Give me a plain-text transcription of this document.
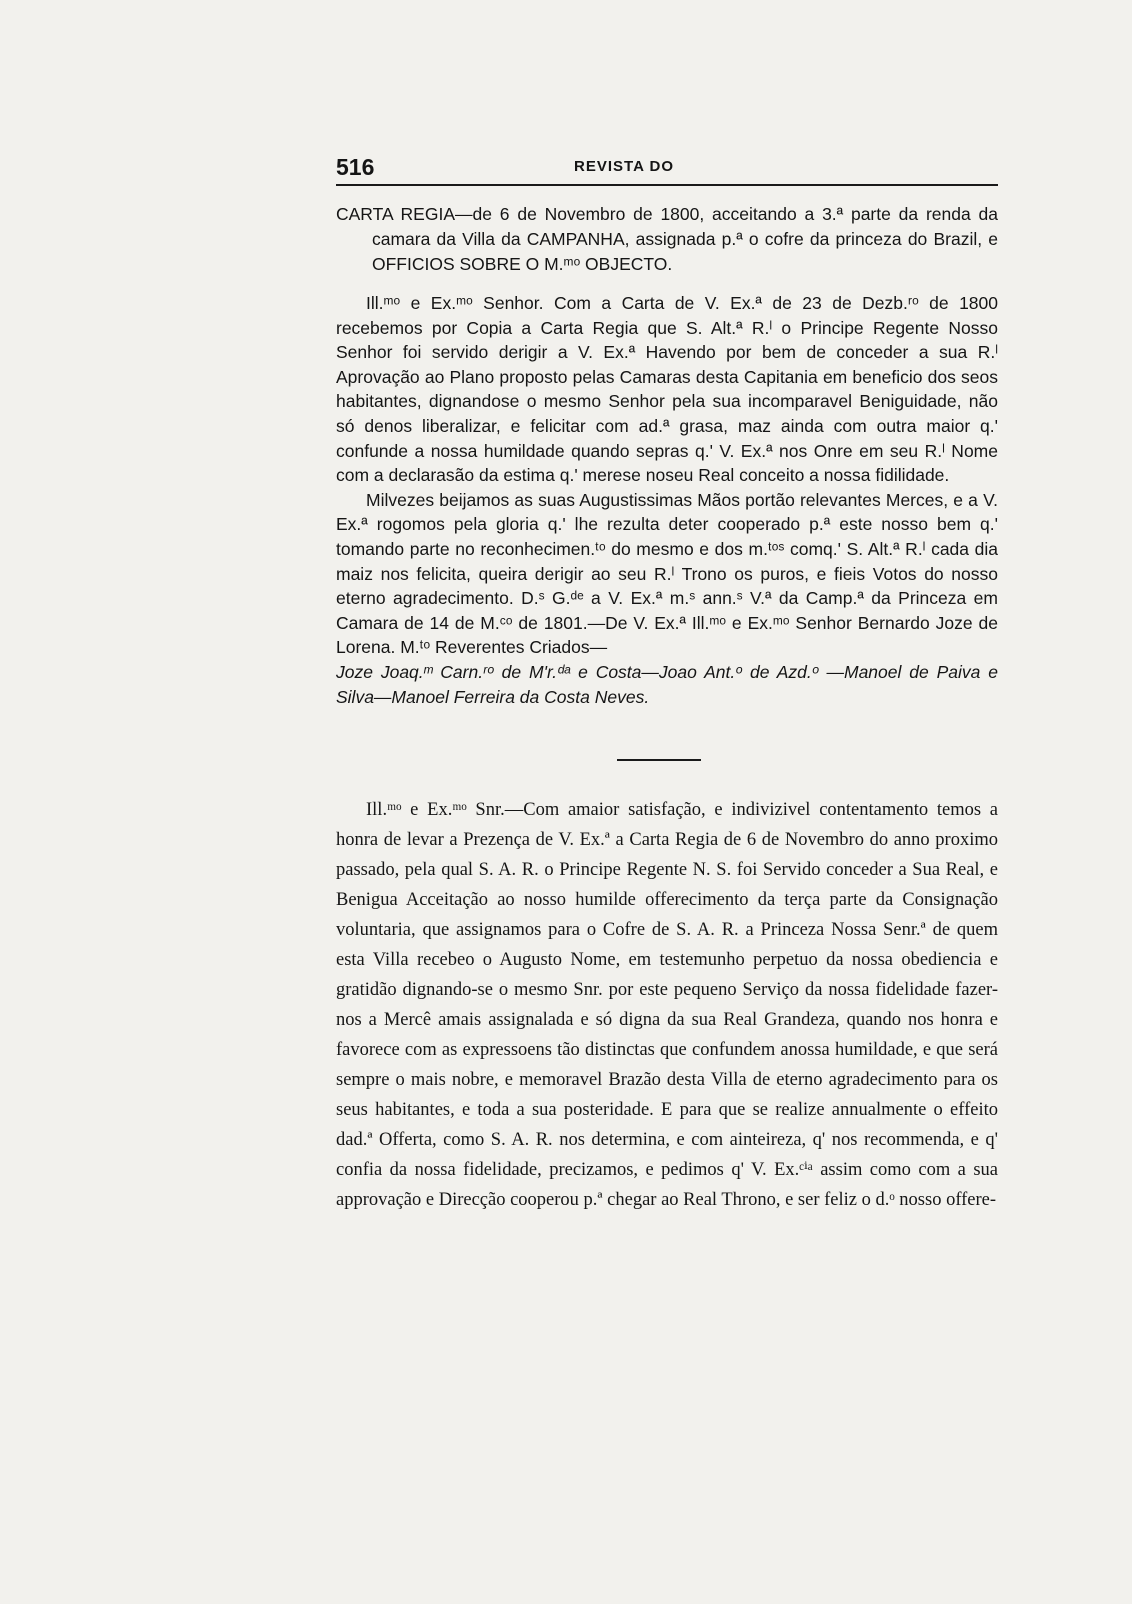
516	REVISTA DO
CARTA REGIA—de 6 de Novembro de 1800, acceitando a 3.ª parte da renda da camara da Villa da CAMPANHA, assignada p.ª o cofre da princeza do Brazil, e OFFICIOS SOBRE O M.ᵐᵒ OBJECTO.

Ill.ᵐᵒ e Ex.ᵐᵒ Senhor. Com a Carta de V. Ex.ª de 23 de Dezb.ʳᵒ de 1800 recebemos por Copia a Carta Regia que S. Alt.ª R.ˡ o Principe Regente Nosso Senhor foi servido derigir a V. Ex.ª Havendo por bem de conceder a sua R.ˡ Aprovação ao Plano proposto pelas Camaras desta Capitania em beneficio dos seos habitantes, dignandose o mesmo Senhor pela sua incomparavel Beniguidade, não só denos liberalizar, e felicitar com ad.ª grasa, maz ainda com outra maior q.' confunde a nossa humildade quando sepras q.' V. Ex.ª nos Onre em seu R.ˡ Nome com a declarasão da estima q.' merese noseu Real conceito a nossa fidilidade.

Milvezes beijamos as suas Augustissimas Mãos portão relevantes Merces, e a V. Ex.ª rogomos pela gloria q.' lhe rezulta deter cooperado p.ª este nosso bem q.' tomando parte no reconhecimen.ᵗᵒ do mesmo e dos m.ᵗᵒˢ comq.' S. Alt.ª R.ˡ cada dia maiz nos felicita, queira derigir ao seu R.ˡ Trono os puros, e fieis Votos do nosso eterno agradecimento. D.ˢ G.ᵈᵉ a V. Ex.ª m.ˢ ann.ˢ V.ª da Camp.ª da Princeza em Camara de 14 de M.ᶜᵒ de 1801.—De V. Ex.ª Ill.ᵐᵒ e Ex.ᵐᵒ Senhor Bernardo Joze de Lorena. M.ᵗᵒ Reverentes Criados—

Joze Joaq.ᵐ Carn.ʳᵒ de M'r.ᵈᵃ e Costa—Joao Ant.ᵒ de Azd.ᵒ —Manoel de Paiva e Silva—Manoel Ferreira da Costa Neves.

Ill.ᵐᵒ e Ex.ᵐᵒ Snr.—Com amaior satisfação, e indivizivel contentamento temos a honra de levar a Prezença de V. Ex.ª a Carta Regia de 6 de Novembro do anno proximo passado, pela qual S. A. R. o Principe Regente N. S. foi Servido conceder a Sua Real, e Benigua Acceitação ao nosso humilde offerecimento da terça parte da Consignação voluntaria, que assignamos para o Cofre de S. A. R. a Princeza Nossa Senr.ª de quem esta Villa recebeo o Augusto Nome, em testemunho perpetuo da nossa obediencia e gratidão dignando-se o mesmo Snr. por este pequeno Serviço da nossa fidelidade fazer-nos a Mercê amais assignalada e só digna da sua Real Grandeza, quando nos honra e favorece com as expressoens tão distinctas que confundem anossa humildade, e que será sempre o mais nobre, e memoravel Brazão desta Villa de eterno agradecimento para os seus habitantes, e toda a sua posteridade. E para que se realize annualmente o effeito dad.ª Offerta, como S. A. R. nos determina, e com ainteireza, q' nos recommenda, e q' confia da nossa fidelidade, precizamos, e pedimos q' V. Ex.ᶜⁱᵃ assim como com a sua approvação e Direcção cooperou p.ª chegar ao Real Throno, e ser feliz o d.ᵒ nosso offere-
